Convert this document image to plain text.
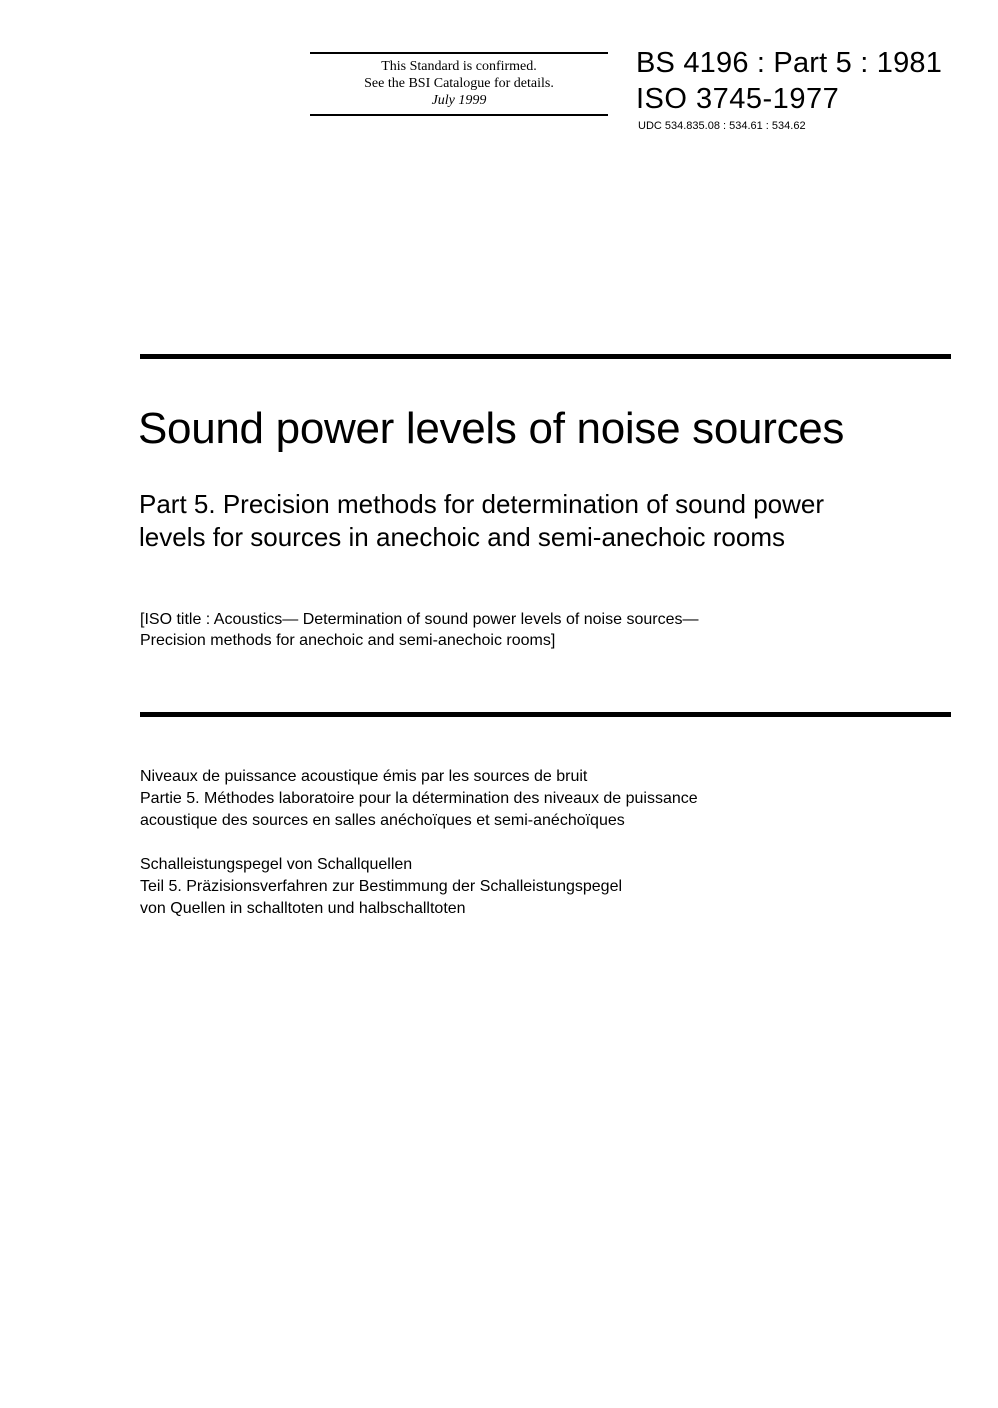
This Standard is confirmed.
See the BSI Catalogue for details.
July 1999
BS 4196 : Part 5 : 1981
ISO 3745-1977
UDC 534.835.08 : 534.61 : 534.62
Sound power levels of noise sources
Part 5. Precision methods for determination of sound power
levels for sources in anechoic and semi-anechoic rooms
[ISO title : Acoustics— Determination of sound power levels of noise sources—
Precision methods for anechoic and semi-anechoic rooms]
Niveaux de puissance acoustique émis par les sources de bruit
Partie 5. Méthodes laboratoire pour la détermination des niveaux de puissance
acoustique des sources en salles anéchoïques et semi-anéchoïques
Schalleistungspegel von Schallquellen
Teil 5. Präzisionsverfahren zur Bestimmung der Schalleistungspegel
von Quellen in schalltoten und halbschalltoten
